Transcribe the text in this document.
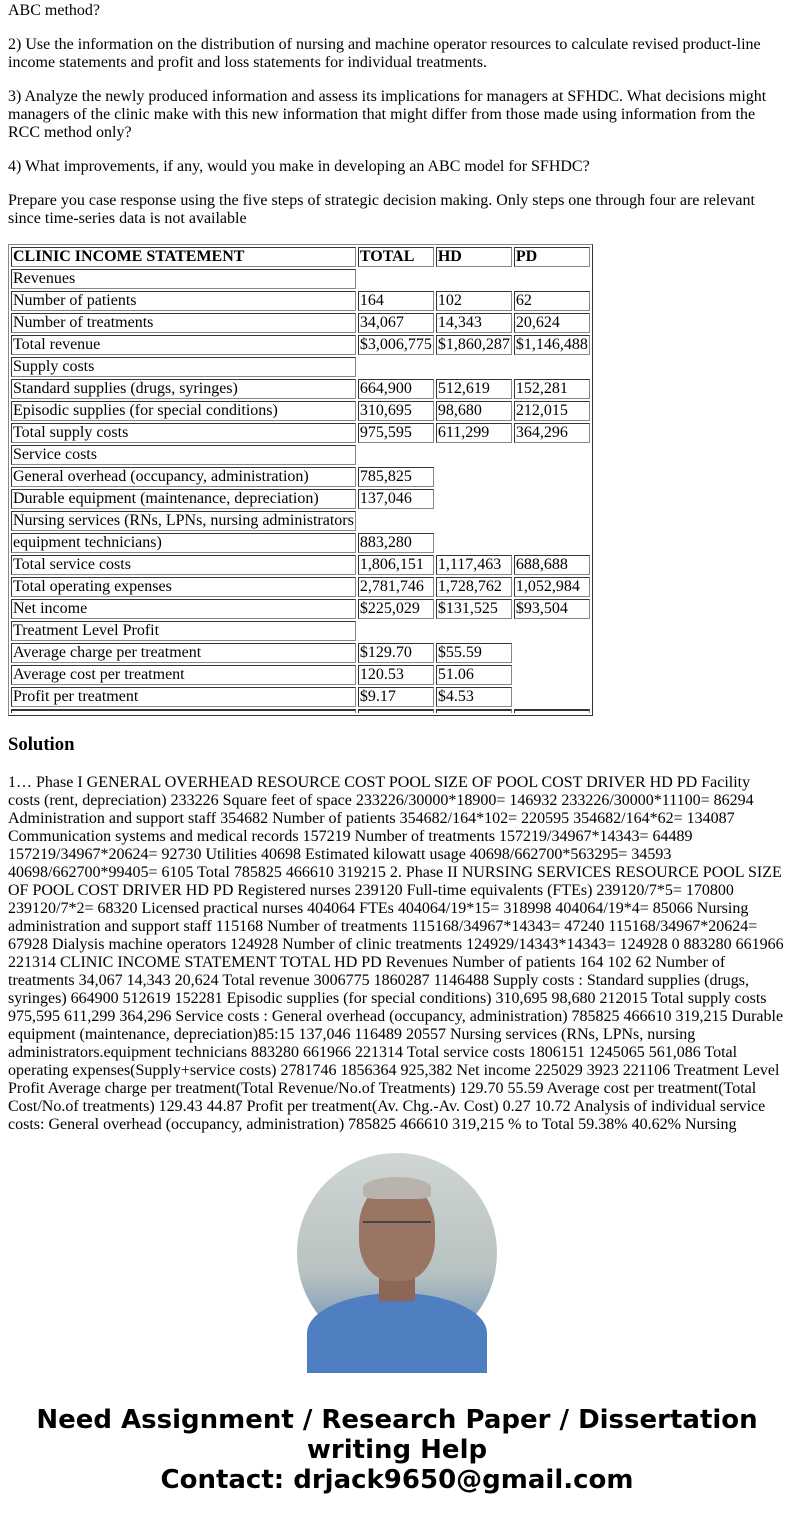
ABC method?

2) Use the information on the distribution of nursing and machine operator resources to calculate revised product-line income statements and profit and loss statements for individual treatments.

3) Analyze the newly produced information and assess its implications for managers at SFHDC. What decisions might managers of the clinic make with this new information that might differ from those made using information from the RCC method only?

4) What improvements, if any, would you make in developing an ABC model for SFHDC?

Prepare you case response using the five steps of strategic decision making. Only steps one through four are relevant since time-series data is not available

CLINIC INCOME STATEMENT	TOTAL	HD	PD
Revenues			
Number of patients	164	102	62
Number of treatments	34,067	14,343	20,624
Total revenue	$3,006,775	$1,860,287	$1,146,488
Supply costs			
Standard supplies (drugs, syringes)	664,900	512,619	152,281
Episodic supplies (for special conditions)	310,695	98,680	212,015
Total supply costs	975,595	611,299	364,296
Service costs			
General overhead (occupancy, administration)	785,825		
Durable equipment (maintenance, depreciation)	137,046		
Nursing services (RNs, LPNs, nursing administrators			
equipment technicians)	883,280		
Total service costs	1,806,151	1,117,463	688,688
Total operating expenses	2,781,746	1,728,762	1,052,984
Net income	$225,029	$131,525	$93,504
Treatment Level Profit			
Average charge per treatment	$129.70	$55.59	
Average cost per treatment	120.53	51.06	
Profit per treatment	$9.17	$4.53	

Solution

1… Phase I GENERAL OVERHEAD RESOURCE COST POOL SIZE OF POOL COST DRIVER HD PD Facility costs (rent, depreciation) 233226 Square feet of space 233226/30000*18900= 146932 233226/30000*11100= 86294 Administration and support staff 354682 Number of patients 354682/164*102= 220595 354682/164*62= 134087 Communication systems and medical records 157219 Number of treatments 157219/34967*14343= 64489 157219/34967*20624= 92730 Utilities 40698 Estimated kilowatt usage 40698/662700*563295= 34593 40698/662700*99405= 6105 Total 785825 466610 319215 2. Phase II NURSING SERVICES RESOURCE POOL SIZE OF POOL COST DRIVER HD PD Registered nurses 239120 Full-time equivalents (FTEs) 239120/7*5= 170800 239120/7*2= 68320 Licensed practical nurses 404064 FTEs 404064/19*15= 318998 404064/19*4= 85066 Nursing administration and support staff 115168 Number of treatments 115168/34967*14343= 47240 115168/34967*20624= 67928 Dialysis machine operators 124928 Number of clinic treatments 124929/14343*14343= 124928 0 883280 661966 221314 CLINIC INCOME STATEMENT TOTAL HD PD Revenues Number of patients 164 102 62 Number of treatments 34,067 14,343 20,624 Total revenue 3006775 1860287 1146488 Supply costs : Standard supplies (drugs, syringes) 664900 512619 152281 Episodic supplies (for special conditions) 310,695 98,680 212015 Total supply costs 975,595 611,299 364,296 Service costs : General overhead (occupancy, administration) 785825 466610 319,215 Durable equipment (maintenance, depreciation)85:15 137,046 116489 20557 Nursing services (RNs, LPNs, nursing administrators.equipment technicians 883280 661966 221314 Total service costs 1806151 1245065 561,086 Total operating expenses(Supply+service costs) 2781746 1856364 925,382 Net income 225029 3923 221106 Treatment Level Profit Average charge per treatment(Total Revenue/No.of Treatments) 129.70 55.59 Average cost per treatment(Total Cost/No.of treatments) 129.43 44.87 Profit per treatment(Av. Chg.-Av. Cost) 0.27 10.72 Analysis of individual service costs: General overhead (occupancy, administration) 785825 466610 319,215 % to Total 59.38% 40.62% Nursing

Need Assignment / Research Paper / Dissertation writing Help
Contact: drjack9650@gmail.com
